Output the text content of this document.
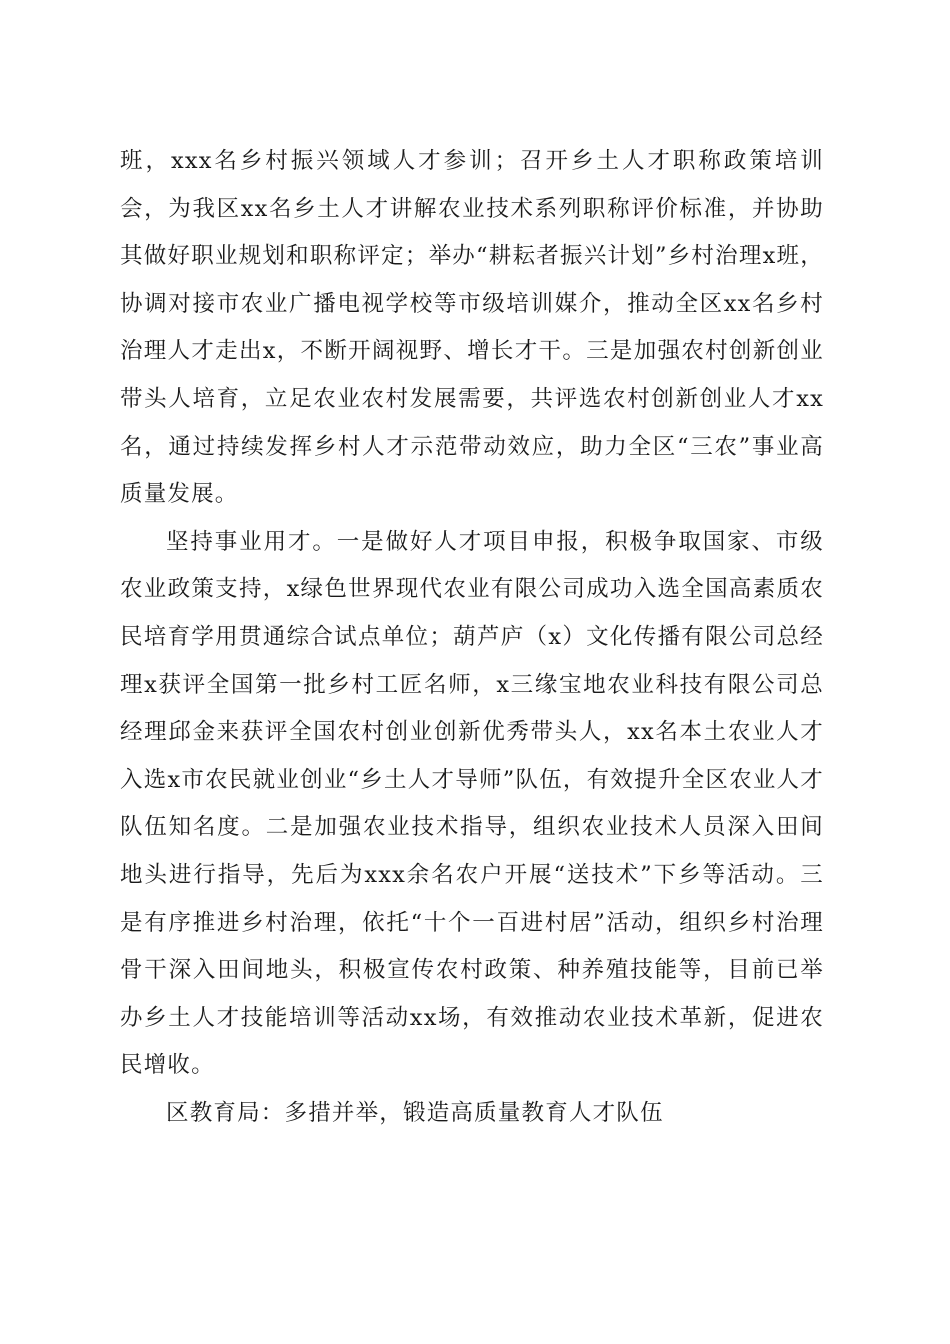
班，xxx名乡村振兴领域人才参训；召开乡土人才职称政策培训会，为我区xx名乡土人才讲解农业技术系列职称评价标准，并协助其做好职业规划和职称评定；举办“耕耘者振兴计划”乡村治理x班，协调对接市农业广播电视学校等市级培训媒介，推动全区xx名乡村治理人才走出x，不断开阔视野、增长才干。三是加强农村创新创业带头人培育，立足农业农村发展需要，共评选农村创新创业人才xx名，通过持续发挥乡村人才示范带动效应，助力全区“三农”事业高质量发展。

坚持事业用才。一是做好人才项目申报，积极争取国家、市级农业政策支持，x绿色世界现代农业有限公司成功入选全国高素质农民培育学用贯通综合试点单位；葫芦庐（x）文化传播有限公司总经理x获评全国第一批乡村工匠名师，x三缘宝地农业科技有限公司总经理邱金来获评全国农村创业创新优秀带头人，xx名本土农业人才入选x市农民就业创业“乡土人才导师”队伍，有效提升全区农业人才队伍知名度。二是加强农业技术指导，组织农业技术人员深入田间地头进行指导，先后为xxx余名农户开展“送技术”下乡等活动。三是有序推进乡村治理，依托“十个一百进村居”活动，组织乡村治理骨干深入田间地头，积极宣传农村政策、种养殖技能等，目前已举办乡土人才技能培训等活动xx场，有效推动农业技术革新，促进农民增收。

区教育局：多措并举，锻造高质量教育人才队伍
